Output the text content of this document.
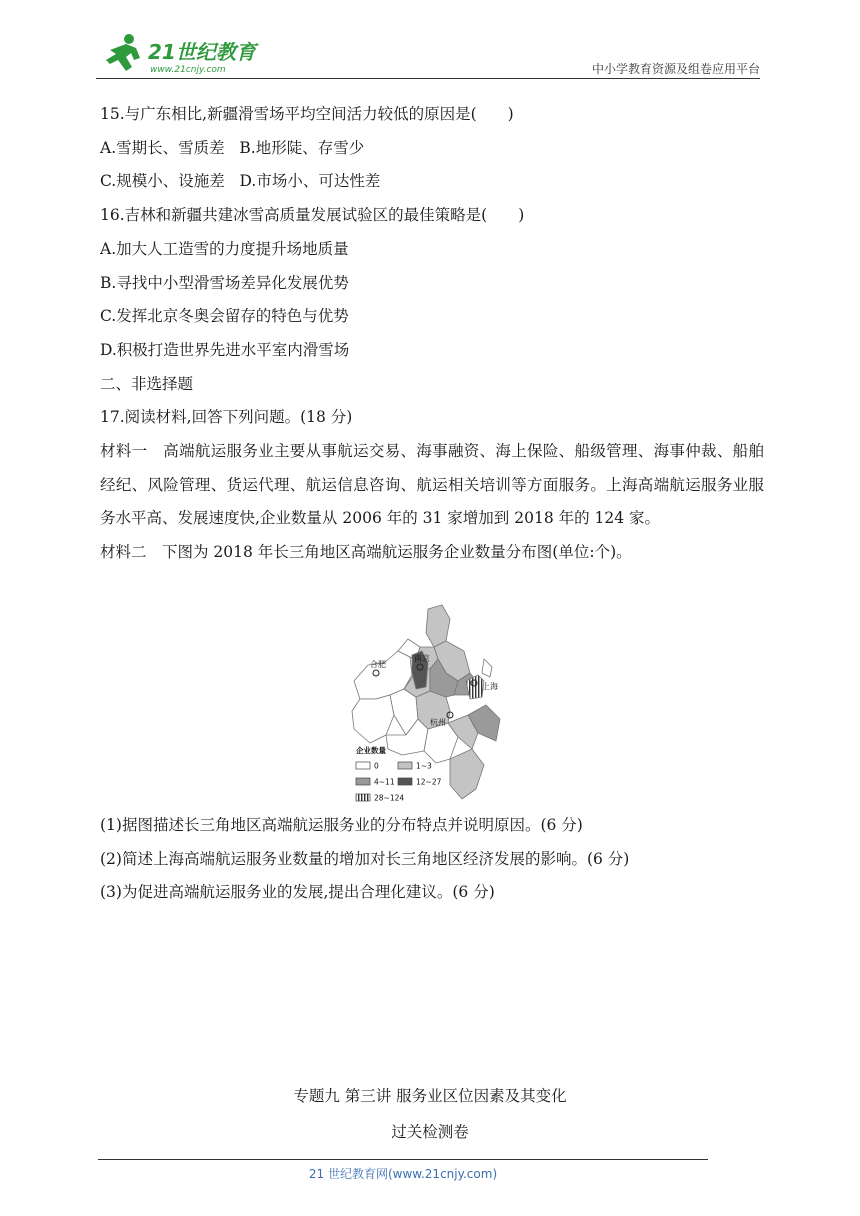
21世纪教育
www.21cnjy.com	中小学教育资源及组卷应用平台
15.与广东相比,新疆滑雪场平均空间活力较低的原因是(　　)
A.雪期长、雪质差   B.地形陡、存雪少
C.规模小、设施差   D.市场小、可达性差
16.吉林和新疆共建冰雪高质量发展试验区的最佳策略是(　　)
A.加大人工造雪的力度提升场地质量
B.寻找中小型滑雪场差异化发展优势
C.发挥北京冬奥会留存的特色与优势
D.积极打造世界先进水平室内滑雪场
二、非选择题
17.阅读材料,回答下列问题。(18 分)
材料一　高端航运服务业主要从事航运交易、海事融资、海上保险、船级管理、海事仲裁、船舶经纪、风险管理、货运代理、航运信息咨询、航运相关培训等方面服务。上海高端航运服务业服务水平高、发展速度快,企业数量从 2006 年的 31 家增加到 2018 年的 124 家。
材料二　下图为 2018 年长三角地区高端航运服务企业数量分布图(单位:个)。
合肥
南京
上海
杭州
企业数量
0	1~3
4~11	12~27
28~124
(1)据图描述长三角地区高端航运服务业的分布特点并说明原因。(6 分)
(2)简述上海高端航运服务业数量的增加对长三角地区经济发展的影响。(6 分)
(3)为促进高端航运服务业的发展,提出合理化建议。(6 分)
专题九 第三讲 服务业区位因素及其变化
过关检测卷
21 世纪教育网(www.21cnjy.com)
